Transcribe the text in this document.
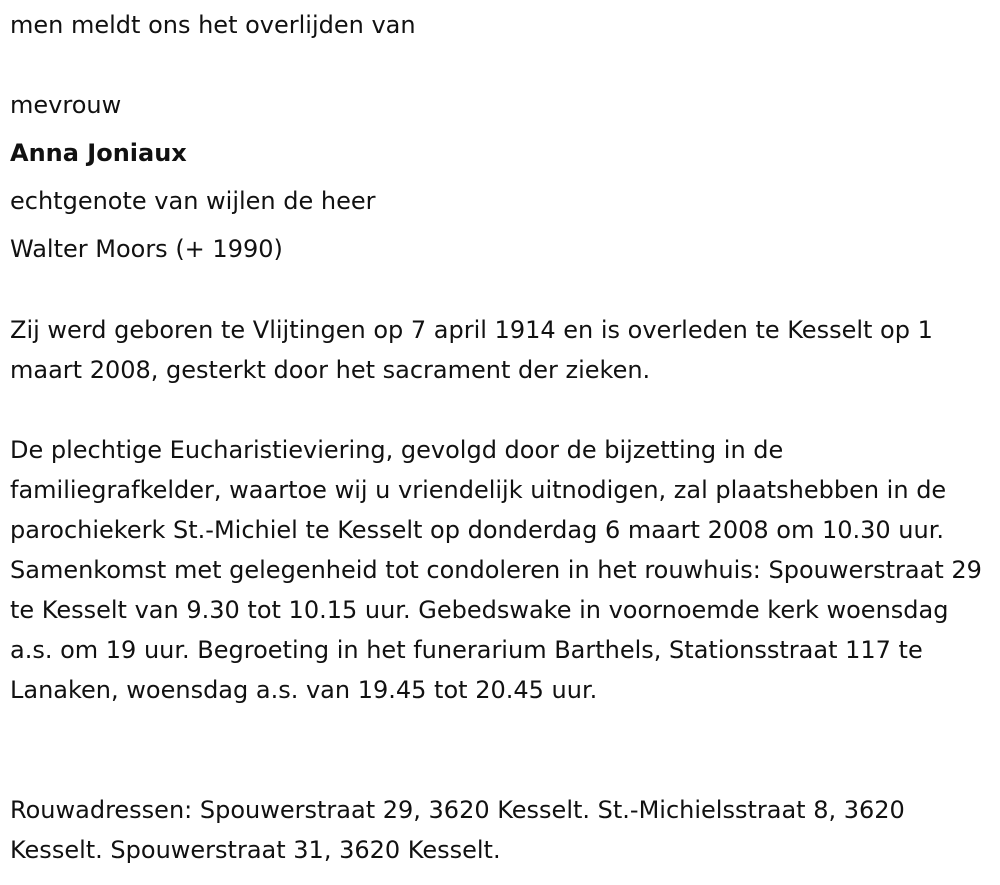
men meldt ons het overlijden van
mevrouw
Anna Joniaux
echtgenote van wijlen de heer
Walter Moors (+ 1990)
Zij werd geboren te Vlijtingen op 7 april 1914 en is overleden te Kesselt op 1 maart 2008, gesterkt door het sacrament der zieken.
De plechtige Eucharistieviering, gevolgd door de bijzetting in de familiegrafkelder, waartoe wij u vriendelijk uitnodigen, zal plaatshebben in de parochiekerk St.-Michiel te Kesselt op donderdag 6 maart 2008 om 10.30 uur. Samenkomst met gelegenheid tot condoleren in het rouwhuis: Spouwerstraat 29 te Kesselt van 9.30 tot 10.15 uur. Gebedswake in voornoemde kerk woensdag a.s. om 19 uur. Begroeting in het funerarium Barthels, Stationsstraat 117 te Lanaken, woensdag a.s. van 19.45 tot 20.45 uur.
Rouwadressen: Spouwerstraat 29, 3620 Kesselt. St.-Michielsstraat 8, 3620 Kesselt. Spouwerstraat 31, 3620 Kesselt.
